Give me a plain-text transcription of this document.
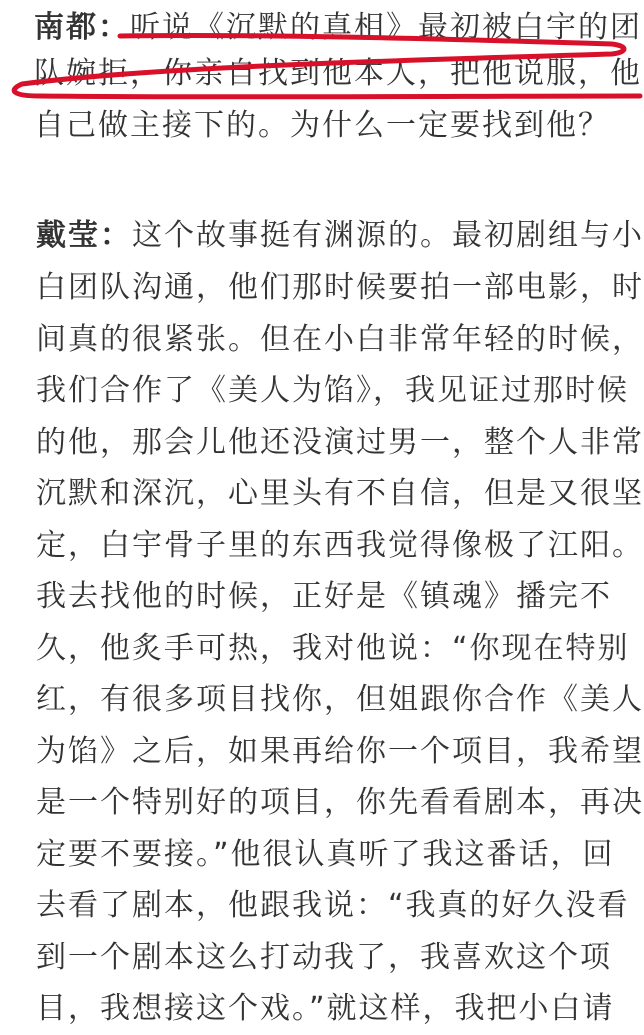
南都：听说《沉默的真相》最初被白宇的团
队婉拒，你亲自找到他本人，把他说服，他
自己做主接下的。为什么一定要找到他？
戴莹：这个故事挺有渊源的。最初剧组与小
白团队沟通，他们那时候要拍一部电影，时
间真的很紧张。但在小白非常年轻的时候，
我们合作了《美人为馅》，我见证过那时候
的他，那会儿他还没演过男一，整个人非常
沉默和深沉，心里头有不自信，但是又很坚
定，白宇骨子里的东西我觉得像极了江阳。
我去找他的时候，正好是《镇魂》播完不
久，他炙手可热，我对他说：“你现在特别
红，有很多项目找你，但姐跟你合作《美人
为馅》之后，如果再给你一个项目，我希望
是一个特别好的项目，你先看看剧本，再决
定要不要接。”他很认真听了我这番话，回
去看了剧本，他跟我说：“我真的好久没看
到一个剧本这么打动我了，我喜欢这个项
目，我想接这个戏。”就这样，我把小白请
